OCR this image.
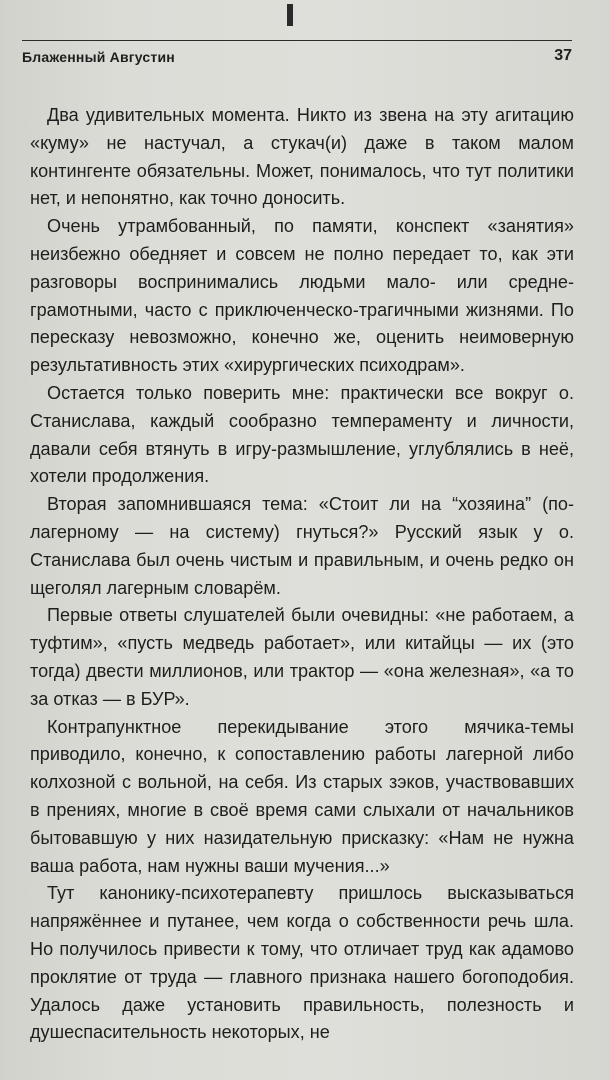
Блаженный Августин	37

Два удивительных момента. Никто из звена на эту агитацию «куму» не настучал, а стукач(и) даже в таком малом контингенте обязательны. Может, понималось, что тут политики нет, и непонятно, как точно доносить.

Очень утрамбованный, по памяти, конспект «занятия» неизбежно обедняет и совсем не полно передает то, как эти разговоры воспринимались людьми мало- или среднеграмотными, часто с приключенческо-трагичными жизнями. По пересказу невозможно, конечно же, оценить неимоверную результативность этих «хирургических психодрам».

Остается только поверить мне: практически все вокруг о. Станислава, каждый сообразно темпераменту и личности, давали себя втянуть в игру-размышление, углублялись в неё, хотели продолжения.

Вторая запомнившаяся тема: «Стоит ли на “хозяина” (по-лагерному — на систему) гнуться?» Русский язык у о. Станислава был очень чистым и правильным, и очень редко он щеголял лагерным словарём.

Первые ответы слушателей были очевидны: «не работаем, а туфтим», «пусть медведь работает», или китайцы — их (это тогда) двести миллионов, или трактор — «она железная», «а то за отказ — в БУР».

Контрапунктное перекидывание этого мячика-темы приводило, конечно, к сопоставлению работы лагерной либо колхозной с вольной, на себя. Из старых зэков, участвовавших в прениях, многие в своё время сами слыхали от начальников бытовавшую у них назидательную присказку: «Нам не нужна ваша работа, нам нужны ваши мучения...»

Тут канонику-психотерапевту пришлось высказываться напряжённее и путанее, чем когда о собственности речь шла. Но получилось привести к тому, что отличает труд как адамово проклятие от труда — главного признака нашего богоподобия. Удалось даже установить правильность, полезность и душеспасительность некоторых, не
